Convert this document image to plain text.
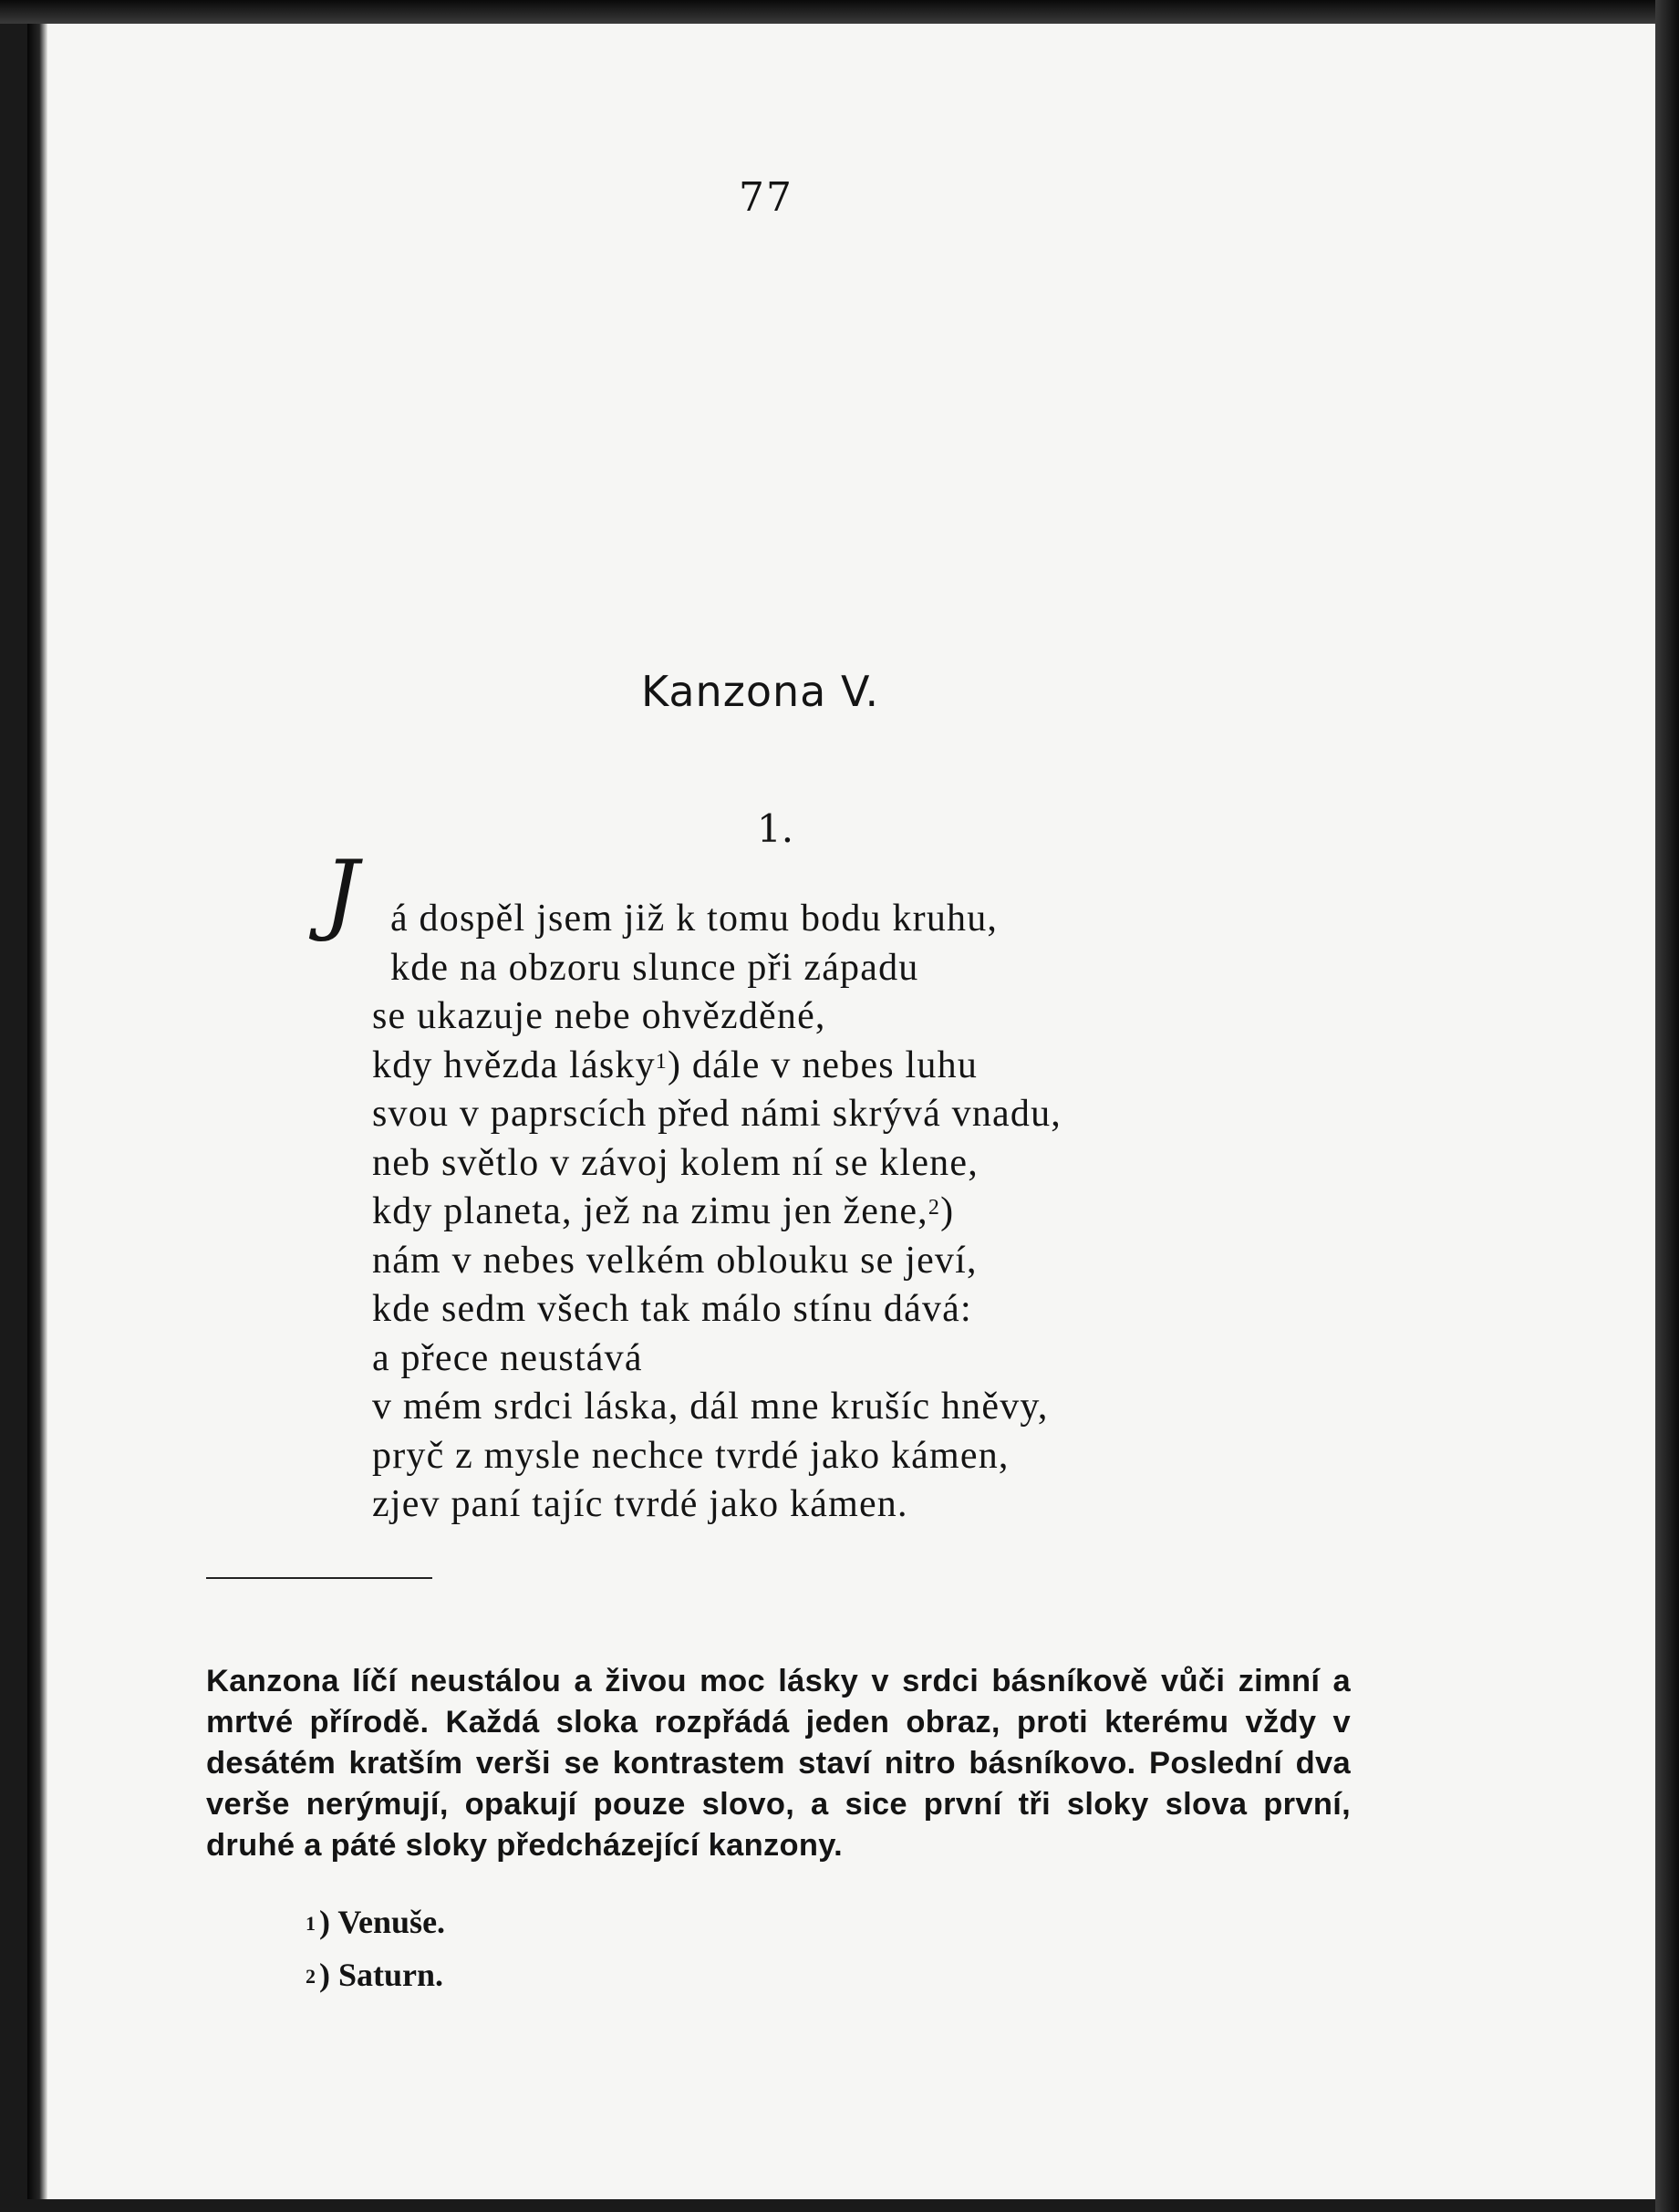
77
Kanzona V.
1.
J á dospěl jsem již k tomu bodu kruhu,
kde na obzoru slunce při západu
se ukazuje nebe ohvězděné,
kdy hvězda lásky$^1$) dále v nebes luhu
svou v paprscích před námi skrývá vnadu,
neb světlo v závoj kolem ní se klene,
kdy planeta, jež na zimu jen žene,$^2$)
nám v nebes velkém oblouku se jeví,
kde sedm všech tak málo stínu dává:
a přece neustává
v mém srdci láska, dál mne krušíc hněvy,
pryč z mysle nechce tvrdé jako kámen,
zjev paní tajíc tvrdé jako kámen.

Kanzona líčí neustálou a živou moc lásky v srdci básníkově vůči zimní a mrtvé přírodě. Každá sloka rozpřádá jeden obraz, proti kterému vždy v desátém kratším verši se kontrastem staví nitro básníkovo. Poslední dva verše nerýmují, opakují pouze slovo, a sice první tři sloky slova první, druhé a páté sloky předcházející kanzony.

$^1$ ) Venuše.
$^2$ ) Saturn.
